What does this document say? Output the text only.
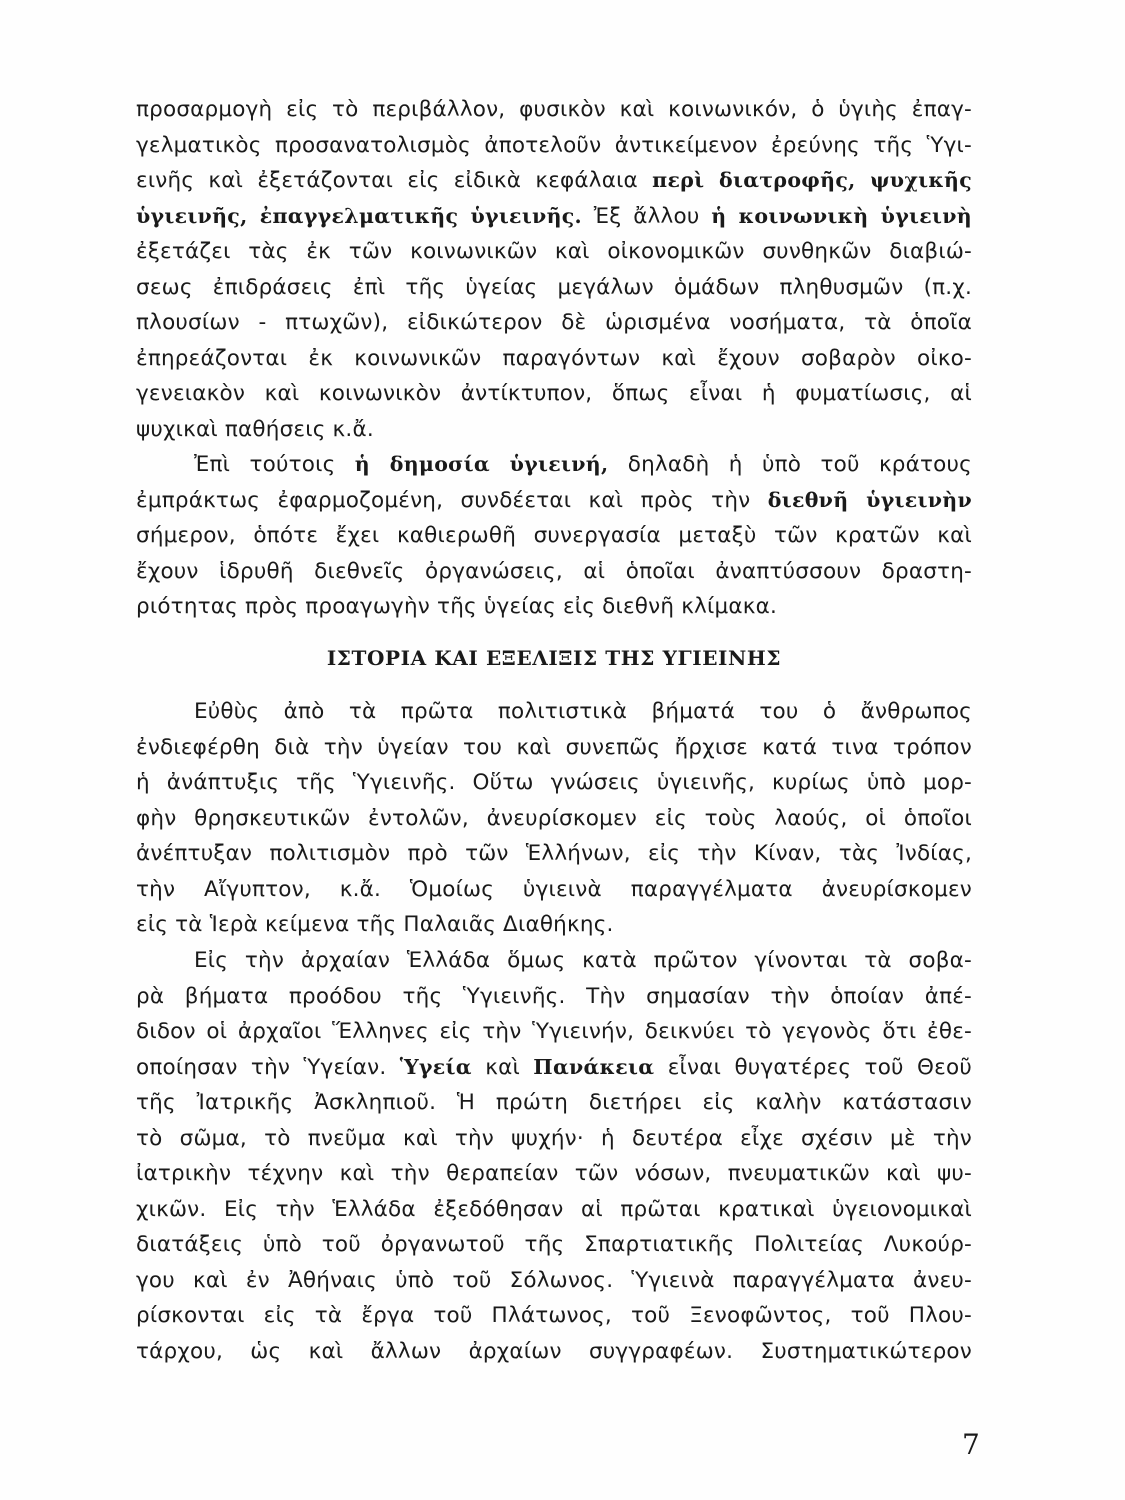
προσαρμογὴ εἰς τὸ περιβάλλον, φυσικὸν καὶ κοινωνικόν, ὁ ὑγιὴς ἐπαγ-
γελματικὸς προσανατολισμὸς ἀποτελοῦν ἀντικείμενον ἐρεύνης τῆς Ὑγι-
εινῆς καὶ ἐξετάζονται εἰς εἰδικὰ κεφάλαια περὶ διατροφῆς, ψυχικῆς
ὑγιεινῆς, ἐπαγγελματικῆς ὑγιεινῆς. Ἐξ ἄλλου ἡ κοινωνικὴ ὑγιεινὴ
ἐξετάζει τὰς ἐκ τῶν κοινωνικῶν καὶ οἰκονομικῶν συνθηκῶν διαβιώ-
σεως ἐπιδράσεις ἐπὶ τῆς ὑγείας μεγάλων ὁμάδων πληθυσμῶν (π.χ.
πλουσίων - πτωχῶν), εἰδικώτερον δὲ ὡρισμένα νοσήματα, τὰ ὁποῖα
ἐπηρεάζονται ἐκ κοινωνικῶν παραγόντων καὶ ἔχουν σοβαρὸν οἰκο-
γενειακὸν καὶ κοινωνικὸν ἀντίκτυπον, ὅπως εἶναι ἡ φυματίωσις, αἱ
ψυχικαὶ παθήσεις κ.ἄ.
Ἐπὶ τούτοις ἡ δημοσία ὑγιεινή, δηλαδὴ ἡ ὑπὸ τοῦ κράτους
ἐμπράκτως ἐφαρμοζομένη, συνδέεται καὶ πρὸς τὴν διεθνῆ ὑγιεινὴν
σήμερον, ὁπότε ἔχει καθιερωθῆ συνεργασία μεταξὺ τῶν κρατῶν καὶ
ἔχουν ἱδρυθῆ διεθνεῖς ὀργανώσεις, αἱ ὁποῖαι ἀναπτύσσουν δραστη-
ριότητας πρὸς προαγωγὴν τῆς ὑγείας εἰς διεθνῆ κλίμακα.
ΙΣΤΟΡΙΑ ΚΑΙ ΕΞΕΛΙΞΙΣ ΤΗΣ ΥΓΙΕΙΝΗΣ
Εὐθὺς ἀπὸ τὰ πρῶτα πολιτιστικὰ βήματά του ὁ ἄνθρωπος
ἐνδιεφέρθη διὰ τὴν ὑγείαν του καὶ συνεπῶς ἤρχισε κατά τινα τρόπον
ἡ ἀνάπτυξις τῆς Ὑγιεινῆς. Οὕτω γνώσεις ὑγιεινῆς, κυρίως ὑπὸ μορ-
φὴν θρησκευτικῶν ἐντολῶν, ἀνευρίσκομεν εἰς τοὺς λαούς, οἱ ὁποῖοι
ἀνέπτυξαν πολιτισμὸν πρὸ τῶν Ἑλλήνων, εἰς τὴν Κίναν, τὰς Ἰνδίας,
τὴν Αἴγυπτον, κ.ἄ. Ὁμοίως ὑγιεινὰ παραγγέλματα ἀνευρίσκομεν
εἰς τὰ Ἱερὰ κείμενα τῆς Παλαιᾶς Διαθήκης.
Εἰς τὴν ἀρχαίαν Ἑλλάδα ὅμως κατὰ πρῶτον γίνονται τὰ σοβα-
ρὰ βήματα προόδου τῆς Ὑγιεινῆς. Τὴν σημασίαν τὴν ὁποίαν ἀπέ-
διδον οἱ ἀρχαῖοι Ἕλληνες εἰς τὴν Ὑγιεινήν, δεικνύει τὸ γεγονὸς ὅτι ἐθε-
οποίησαν τὴν Ὑγείαν. Ὑγεία καὶ Πανάκεια εἶναι θυγατέρες τοῦ Θεοῦ
τῆς Ἰατρικῆς Ἀσκληπιοῦ. Ἡ πρώτη διετήρει εἰς καλὴν κατάστασιν
τὸ σῶμα, τὸ πνεῦμα καὶ τὴν ψυχήν· ἡ δευτέρα εἶχε σχέσιν μὲ τὴν
ἰατρικὴν τέχνην καὶ τὴν θεραπείαν τῶν νόσων, πνευματικῶν καὶ ψυ-
χικῶν. Εἰς τὴν Ἑλλάδα ἐξεδόθησαν αἱ πρῶται κρατικαὶ ὑγειονομικαὶ
διατάξεις ὑπὸ τοῦ ὀργανωτοῦ τῆς Σπαρτιατικῆς Πολιτείας Λυκούρ-
γου καὶ ἐν Ἀθήναις ὑπὸ τοῦ Σόλωνος. Ὑγιεινὰ παραγγέλματα ἀνευ-
ρίσκονται εἰς τὰ ἔργα τοῦ Πλάτωνος, τοῦ Ξενοφῶντος, τοῦ Πλου-
τάρχου, ὡς καὶ ἄλλων ἀρχαίων συγγραφέων. Συστηματικώτερον
7
